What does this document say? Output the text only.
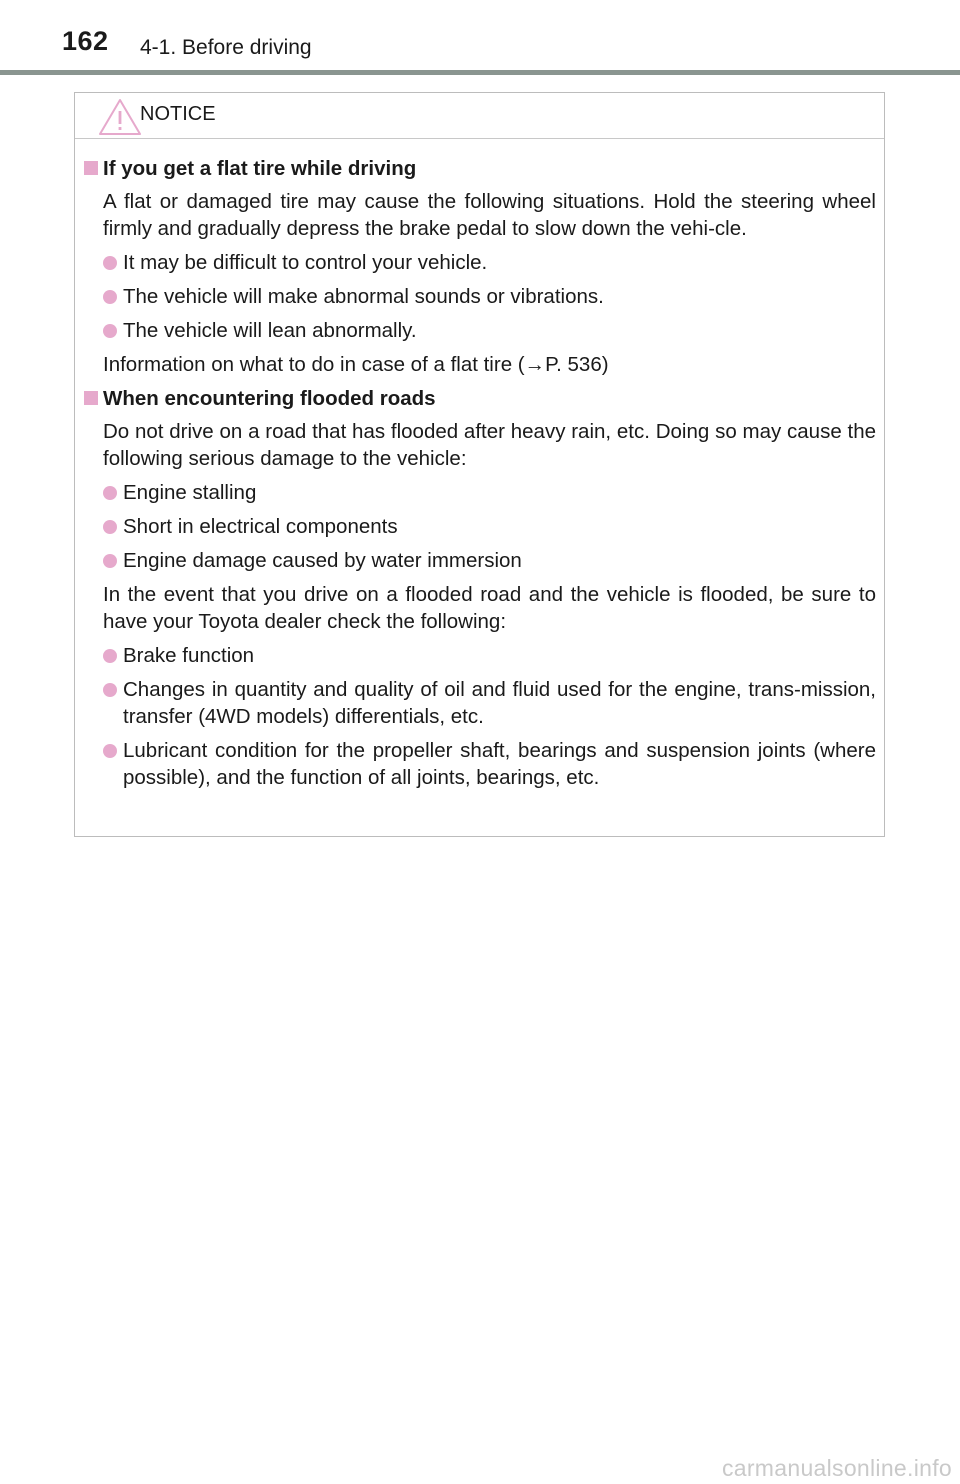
162 4-1. Before driving
NOTICE
If you get a flat tire while driving
A flat or damaged tire may cause the following situations. Hold the steering wheel firmly and gradually depress the brake pedal to slow down the vehi-cle.
It may be difficult to control your vehicle.
The vehicle will make abnormal sounds or vibrations.
The vehicle will lean abnormally.
Information on what to do in case of a flat tire (→P. 536)
When encountering flooded roads
Do not drive on a road that has flooded after heavy rain, etc. Doing so may cause the following serious damage to the vehicle:
Engine stalling
Short in electrical components
Engine damage caused by water immersion
In the event that you drive on a flooded road and the vehicle is flooded, be sure to have your Toyota dealer check the following:
Brake function
Changes in quantity and quality of oil and fluid used for the engine, trans-mission, transfer (4WD models) differentials, etc.
Lubricant condition for the propeller shaft, bearings and suspension joints (where possible), and the function of all joints, bearings, etc.
carmanualsonline.info
